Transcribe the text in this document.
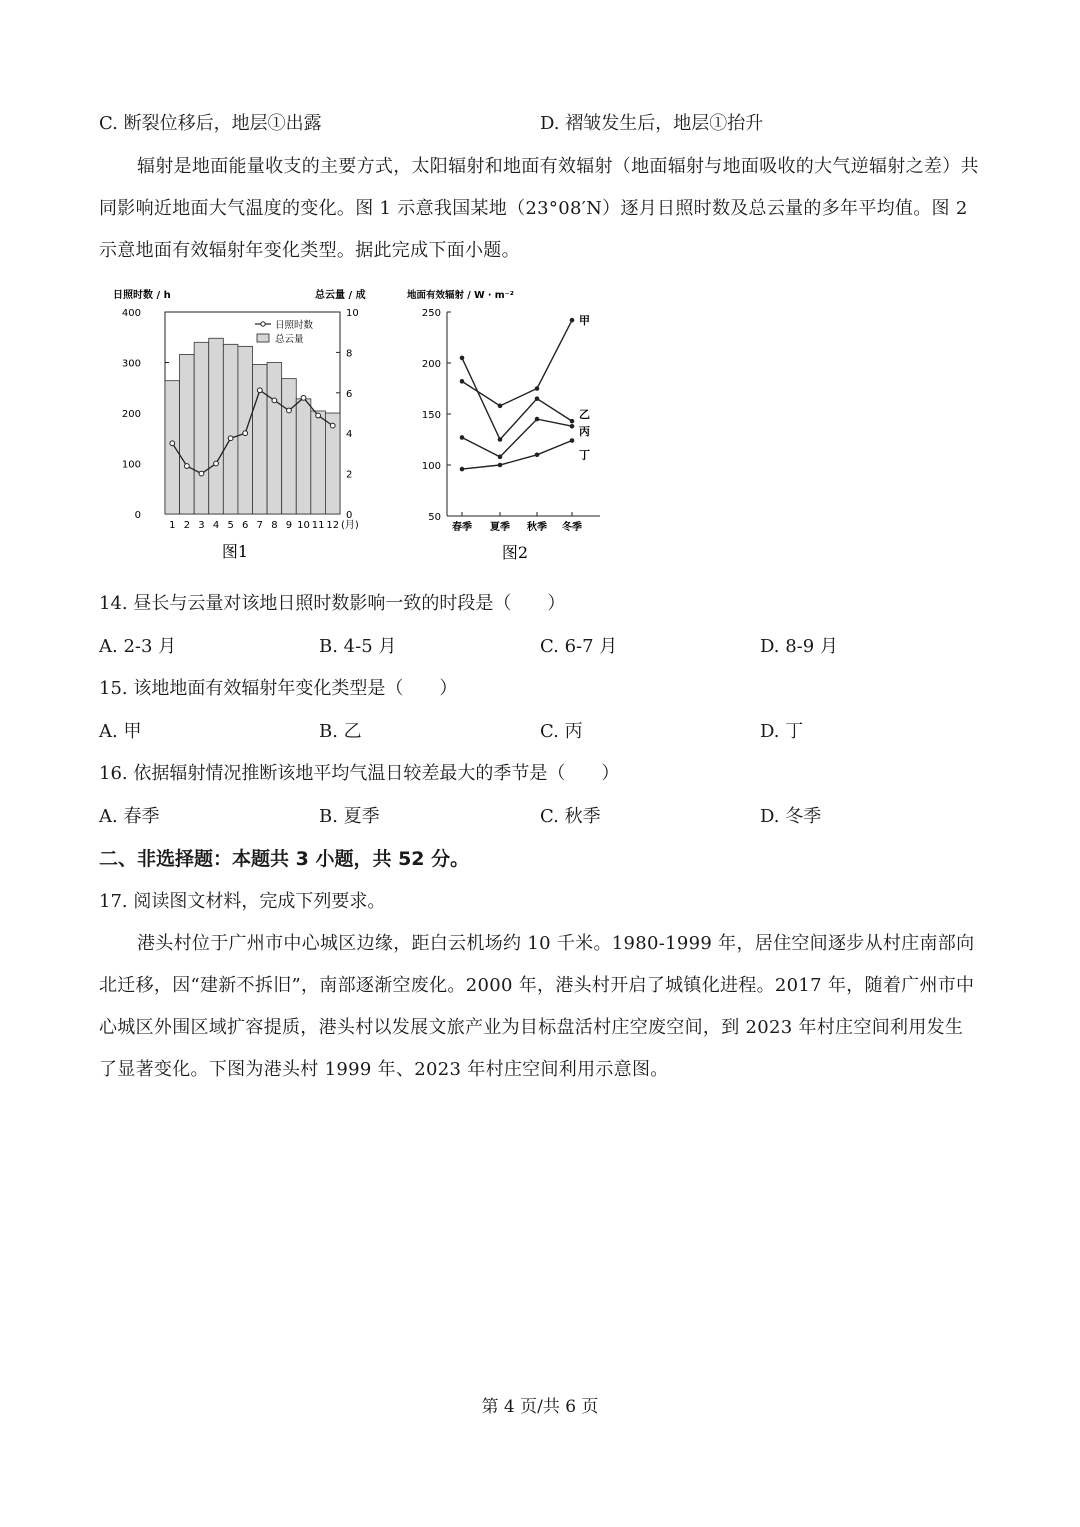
C. 断裂位移后，地层①出露	D. 褶皱发生后，地层①抬升
辐射是地面能量收支的主要方式，太阳辐射和地面有效辐射（地面辐射与地面吸收的大气逆辐射之差）共同影响近地面大气温度的变化。图 1 示意我国某地（23°08′N）逐月日照时数及总云量的多年平均值。图 2 示意地面有效辐射年变化类型。据此完成下面小题。
日照时数 / h	总云量 / 成
0
100
200
300
400
0
2
4
6
8
10
1 2 3 4 5 6 7 8 9 10 11 12 (月)
日照时数
总云量
图1
地面有效辐射 / W · m⁻²
50
100
150
200
250
春季 夏季 秋季 冬季
甲
乙
丙
丁
图2
14. 昼长与云量对该地日照时数影响一致的时段是（　　）
A. 2-3 月	B. 4-5 月	C. 6-7 月	D. 8-9 月
15. 该地地面有效辐射年变化类型是（　　）
A. 甲	B. 乙	C. 丙	D. 丁
16. 依据辐射情况推断该地平均气温日较差最大的季节是（　　）
A. 春季	B. 夏季	C. 秋季	D. 冬季
二、非选择题：本题共 3 小题，共 52 分。
17. 阅读图文材料，完成下列要求。
港头村位于广州市中心城区边缘，距白云机场约 10 千米。1980-1999 年，居住空间逐步从村庄南部向北迁移，因“建新不拆旧”，南部逐渐空废化。2000 年，港头村开启了城镇化进程。2017 年，随着广州市中心城区外围区域扩容提质，港头村以发展文旅产业为目标盘活村庄空废空间，到 2023 年村庄空间利用发生了显著变化。下图为港头村 1999 年、2023 年村庄空间利用示意图。
第 4 页/共 6 页
